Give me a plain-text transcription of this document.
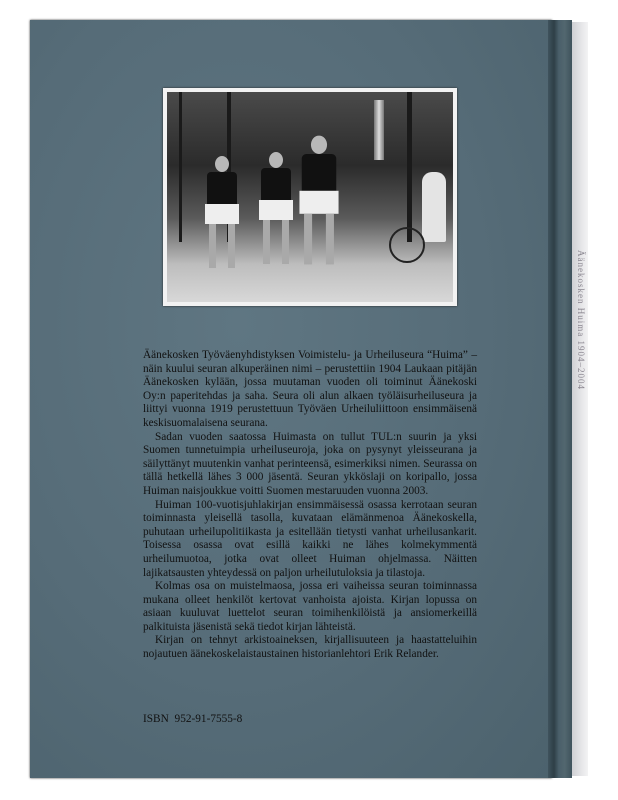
Äänekosken Huima 1904–2004

Äänekosken Työväenyhdistyksen Voimistelu- ja Urheiluseura “Huima” – näin kuului seuran alkuperäinen nimi – perustettiin 1904 Laukaan pitäjän Äänekosken kylään, jossa muutaman vuoden oli toiminut Äänekoski Oy:n paperitehdas ja saha. Seura oli alun alkaen työläisurheiluseura ja liittyi vuonna 1919 perustettuun Työväen Urheiluliittoon ensimmäisenä keskisuomalaisena seurana.

Sadan vuoden saatossa Huimasta on tullut TUL:n suurin ja yksi Suomen tunnetuimpia urheiluseuroja, joka on pysynyt yleisseurana ja säilyttänyt muutenkin vanhat perinteensä, esimerkiksi nimen. Seurassa on tällä hetkellä lähes 3 000 jäsentä. Seuran ykköslaji on koripallo, jossa Huiman naisjoukkue voitti Suomen mestaruuden vuonna 2003.

Huiman 100-vuotisjuhlakirjan ensimmäisessä osassa kerrotaan seuran toiminnasta yleisellä tasolla, kuvataan elämänmenoa Äänekoskella, puhutaan urheilupolitiikasta ja esitellään tietysti vanhat urheilusankarit. Toisessa osassa ovat esillä kaikki ne lähes kolmekymmentä urheilumuotoa, jotka ovat olleet Huiman ohjelmassa. Näitten lajikatsausten yhteydessä on paljon urheilutuloksia ja tilastoja.

Kolmas osa on muistelmaosa, jossa eri vaiheissa seuran toiminnassa mukana olleet henkilöt kertovat vanhoista ajoista. Kirjan lopussa on asiaan kuuluvat luettelot seuran toimihenkilöistä ja ansiomerkeillä palkituista jäsenistä sekä tiedot kirjan lähteistä.

Kirjan on tehnyt arkistoaineksen, kirjallisuuteen ja haastatteluihin nojautuen äänekoskelaistaustainen historianlehtori Erik Relander.

ISBN 952-91-7555-8
